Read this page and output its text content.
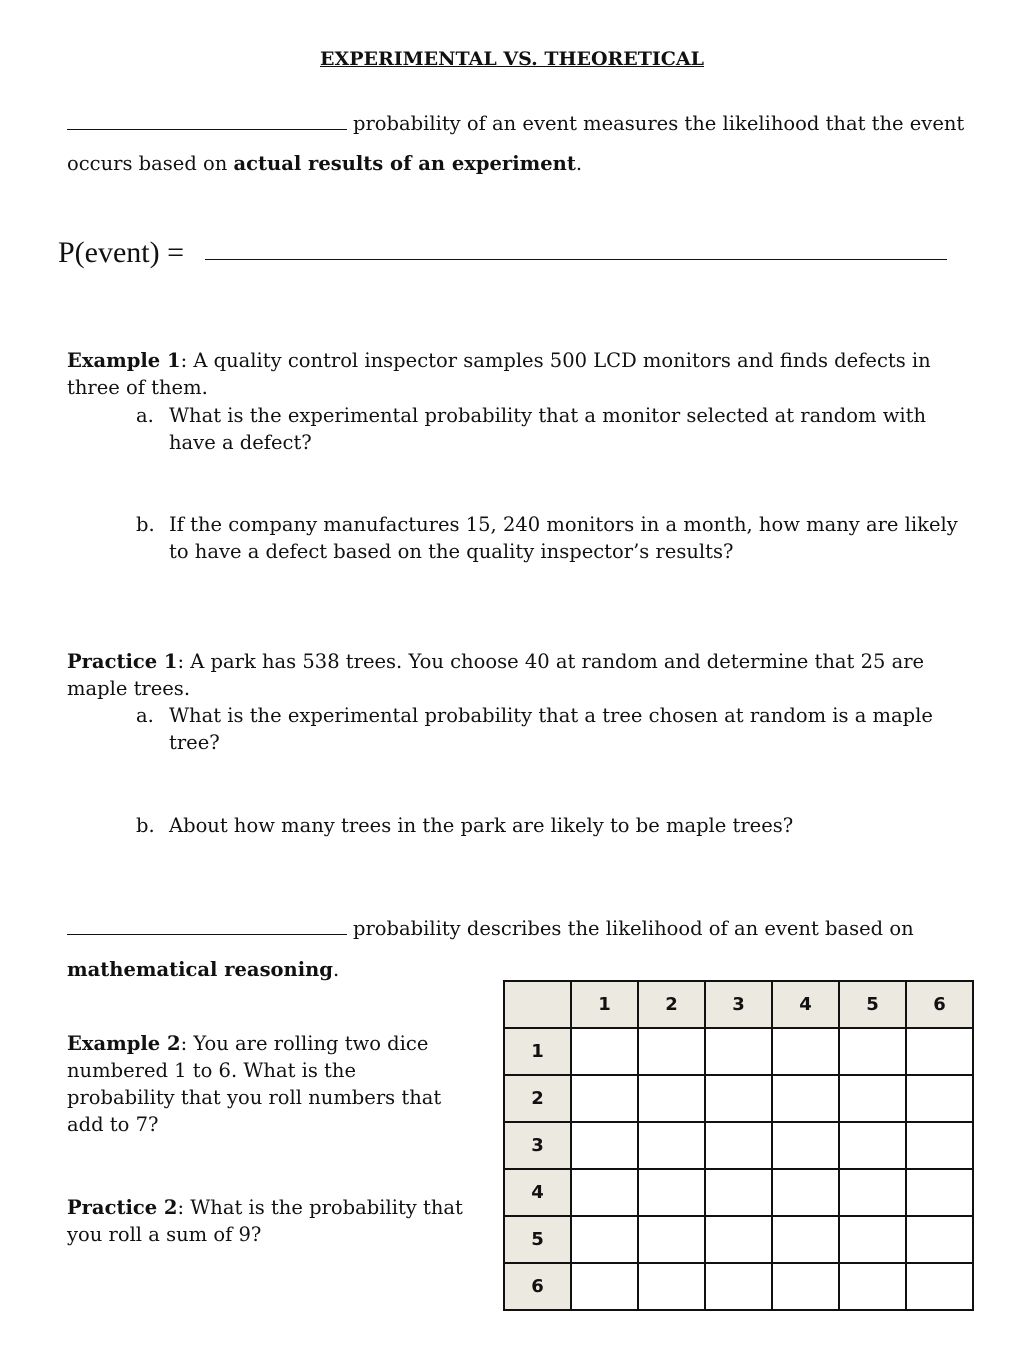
EXPERIMENTAL VS. THEORETICAL
probability of an event measures the likelihood that the event
occurs based on actual results of an experiment.
P(event) =
Example 1: A quality control inspector samples 500 LCD monitors and finds defects in three of them.
a. What is the experimental probability that a monitor selected at random with have a defect?
b. If the company manufactures 15, 240 monitors in a month, how many are likely to have a defect based on the quality inspector’s results?
Practice 1: A park has 538 trees. You choose 40 at random and determine that 25 are maple trees.
a. What is the experimental probability that a tree chosen at random is a maple tree?
b. About how many trees in the park are likely to be maple trees?
probability describes the likelihood of an event based on
mathematical reasoning.
Example 2: You are rolling two dice numbered 1 to 6. What is the probability that you roll numbers that add to 7?
Practice 2: What is the probability that you roll a sum of 9?
	1	2	3	4	5	6
1						
2						
3						
4						
5						
6						
